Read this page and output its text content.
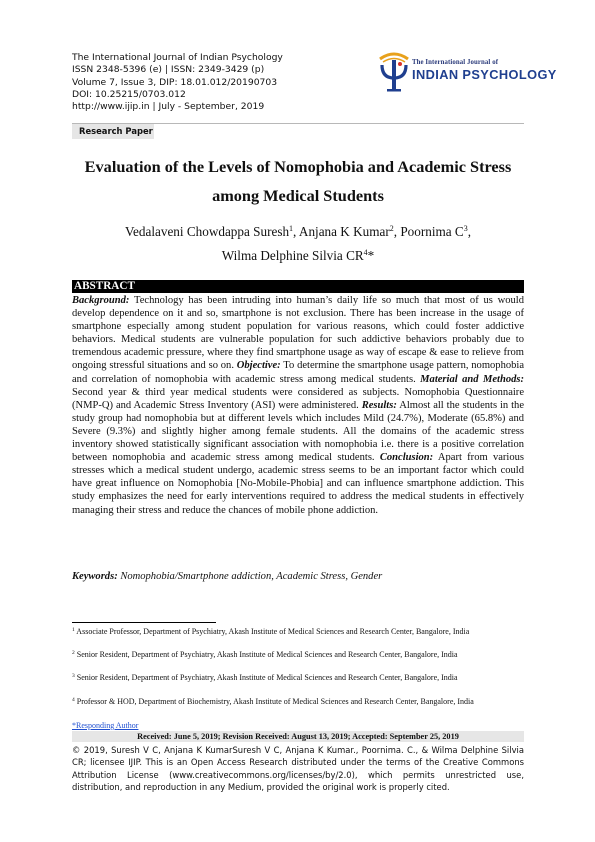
The International Journal of Indian Psychology
ISSN 2348-5396 (e) | ISSN: 2349-3429 (p)
Volume 7, Issue 3, DIP: 18.01.012/20190703
DOI: 10.25215/0703.012
http://www.ijip.in | July - September, 2019
The International Journal of
INDIAN PSYCHOLOGY
Research Paper
Evaluation of the Levels of Nomophobia and Academic Stress
among Medical Students
Vedalaveni Chowdappa Suresh$^1$, Anjana K Kumar$^2$, Poornima $C^3$,
Wilma Delphine Silvia $CR^4*$
ABSTRACT

Background: Technology has been intruding into human’s daily life so much that most of us would develop dependence on it and so, smartphone is not exclusion. There has been increase in the usage of smartphone especially among student population for various reasons, which could foster addictive behaviors. Medical students are vulnerable population for such addictive behaviors probably due to tremendous academic pressure, where they find smartphone usage as way of escape & ease to relieve from ongoing stressful situations and so on. Objective: To determine the smartphone usage pattern, nomophobia and correlation of nomophobia with academic stress among medical students. Material and Methods: Second year & third year medical students were considered as subjects. Nomophobia Questionnaire (NMP-Q) and Academic Stress Inventory (ASI) were administered. Results: Almost all the students in the study group had nomophobia but at different levels which includes Mild (24.7%), Moderate (65.8%) and Severe (9.3%) and slightly higher among female students. All the domains of the academic stress inventory showed statistically significant association with nomophobia i.e. there is a positive correlation between nomophobia and academic stress among medical students. Conclusion: Apart from various stresses which a medical student undergo, academic stress seems to be an important factor which could have great influence on Nomophobia [No-Mobile-Phobia] and can influence smartphone addiction. This study emphasizes the need for early interventions required to address the medical students in effectively managing their stress and reduce the chances of mobile phone addiction.

Keywords: Nomophobia/Smartphone addiction, Academic Stress, Gender
$^1$ Associate Professor, Department of Psychiatry, Akash Institute of Medical Sciences and Research Center, Bangalore, India
$^2$ Senior Resident, Department of Psychiatry, Akash Institute of Medical Sciences and Research Center, Bangalore, India
$^3$ Senior Resident, Department of Psychiatry, Akash Institute of Medical Sciences and Research Center, Bangalore, India
$^4$ Professor & HOD, Department of Biochemistry, Akash Institute of Medical Sciences and Research Center, Bangalore, India
*Responding Author
Received: June 5, 2019; Revision Received: August 13, 2019; Accepted: September 25, 2019
© 2019, Suresh V C, Anjana K KumarSuresh V C, Anjana K Kumar., Poornima. C., & Wilma Delphine Silvia CR; licensee IJIP. This is an Open Access Research distributed under the terms of the Creative Commons Attribution License (www.creativecommons.org/licenses/by/2.0), which permits unrestricted use, distribution, and reproduction in any Medium, provided the original work is properly cited.
